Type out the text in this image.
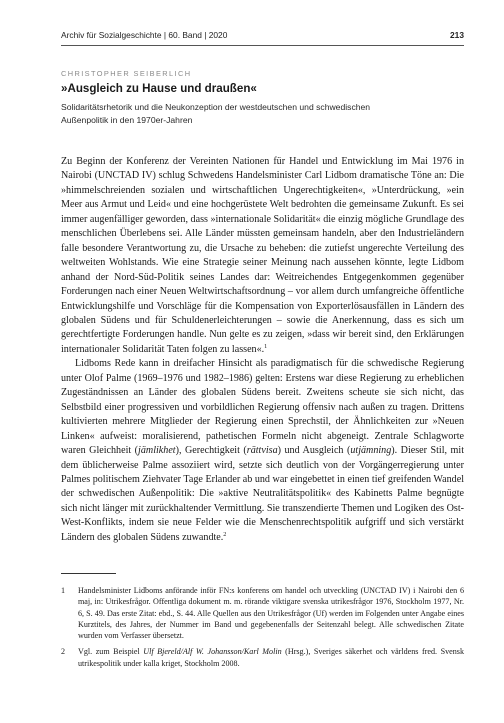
Archiv für Sozialgeschichte | 60. Band | 2020	213
CHRISTOPHER SEIBERLICH
»Ausgleich zu Hause und draußen«
Solidaritätsrhetorik und die Neukonzeption der westdeutschen und schwedischen
Außenpolitik in den 1970er-Jahren

Zu Beginn der Konferenz der Vereinten Nationen für Handel und Entwicklung im Mai 1976 in Nairobi (UNCTAD IV) schlug Schwedens Handelsminister Carl Lidbom dramatische Töne an: Die »himmelschreienden sozialen und wirtschaftlichen Ungerechtigkeiten«, »Unterdrückung, »ein Meer aus Armut und Leid« und eine hochgerüstete Welt bedrohten die gemeinsame Zukunft. Es sei immer augenfälliger geworden, dass »internationale Solidarität« die einzig mögliche Grundlage des menschlichen Überlebens sei. Alle Länder müssten gemeinsam handeln, aber den Industrieländern falle besondere Verantwortung zu, die Ursache zu beheben: die zutiefst ungerechte Verteilung des weltweiten Wohlstands. Wie eine Strategie seiner Meinung nach aussehen könnte, legte Lidbom anhand der Nord-Süd-Politik seines Landes dar: Weitreichendes Entgegenkommen gegenüber Forderungen nach einer Neuen Weltwirtschaftsordnung – vor allem durch umfangreiche öffentliche Entwicklungshilfe und Vorschläge für die Kompensation von Exporterlösausfällen in Ländern des globalen Südens und für Schuldenerleichterungen – sowie die Anerkennung, dass es sich um gerechtfertigte Forderungen handle. Nun gelte es zu zeigen, »dass wir bereit sind, den Erklärungen internationaler Solidarität Taten folgen zu lassen«.$^1$

Lidboms Rede kann in dreifacher Hinsicht als paradigmatisch für die schwedische Regierung unter Olof Palme (1969–1976 und 1982–1986) gelten: Erstens war diese Regierung zu erheblichen Zugeständnissen an Länder des globalen Südens bereit. Zweitens scheute sie sich nicht, das Selbstbild einer progressiven und vorbildlichen Regierung offensiv nach außen zu tragen. Drittens kultivierten mehrere Mitglieder der Regierung einen Sprechstil, der Ähnlichkeiten zur »Neuen Linken« aufweist: moralisierend, pathetischen Formeln nicht abgeneigt. Zentrale Schlagworte waren Gleichheit (jämlikhet), Gerechtigkeit (rättvisa) und Ausgleich (utjämning). Dieser Stil, mit dem üblicherweise Palme assoziiert wird, setzte sich deutlich von der Vorgängerregierung unter Palmes politischem Ziehvater Tage Erlander ab und war eingebettet in einen tief greifenden Wandel der schwedischen Außenpolitik: Die »aktive Neutralitätspolitik« des Kabinetts Palme begnügte sich nicht länger mit zurückhaltender Vermittlung. Sie transzendierte Themen und Logiken des Ost-West-Konflikts, indem sie neue Felder wie die Menschenrechtspolitik aufgriff und sich verstärkt Ländern des globalen Südens zuwandte.$^2$

1 Handelsminister Lidboms anförande inför FN:s konferens om handel och utveckling (UNCTAD IV) i Nairobi den 6 maj, in: Utrikesfrågor. Offentliga dokument m. m. rörande viktigare svenska utrikesfrågor 1976, Stockholm 1977, Nr. 6, S. 49. Das erste Zitat: ebd., S. 44. Alle Quellen aus den Utrikesfrågor (Uf) werden im Folgenden unter Angabe eines Kurztitels, des Jahres, der Nummer im Band und gegebenenfalls der Seitenzahl belegt. Alle schwedischen Zitate wurden vom Verfasser übersetzt.

2 Vgl. zum Beispiel Ulf Bjereld/Alf W. Johansson/Karl Molin (Hrsg.), Sveriges säkerhet och världens fred. Svensk utrikespolitik under kalla kriget, Stockholm 2008.
